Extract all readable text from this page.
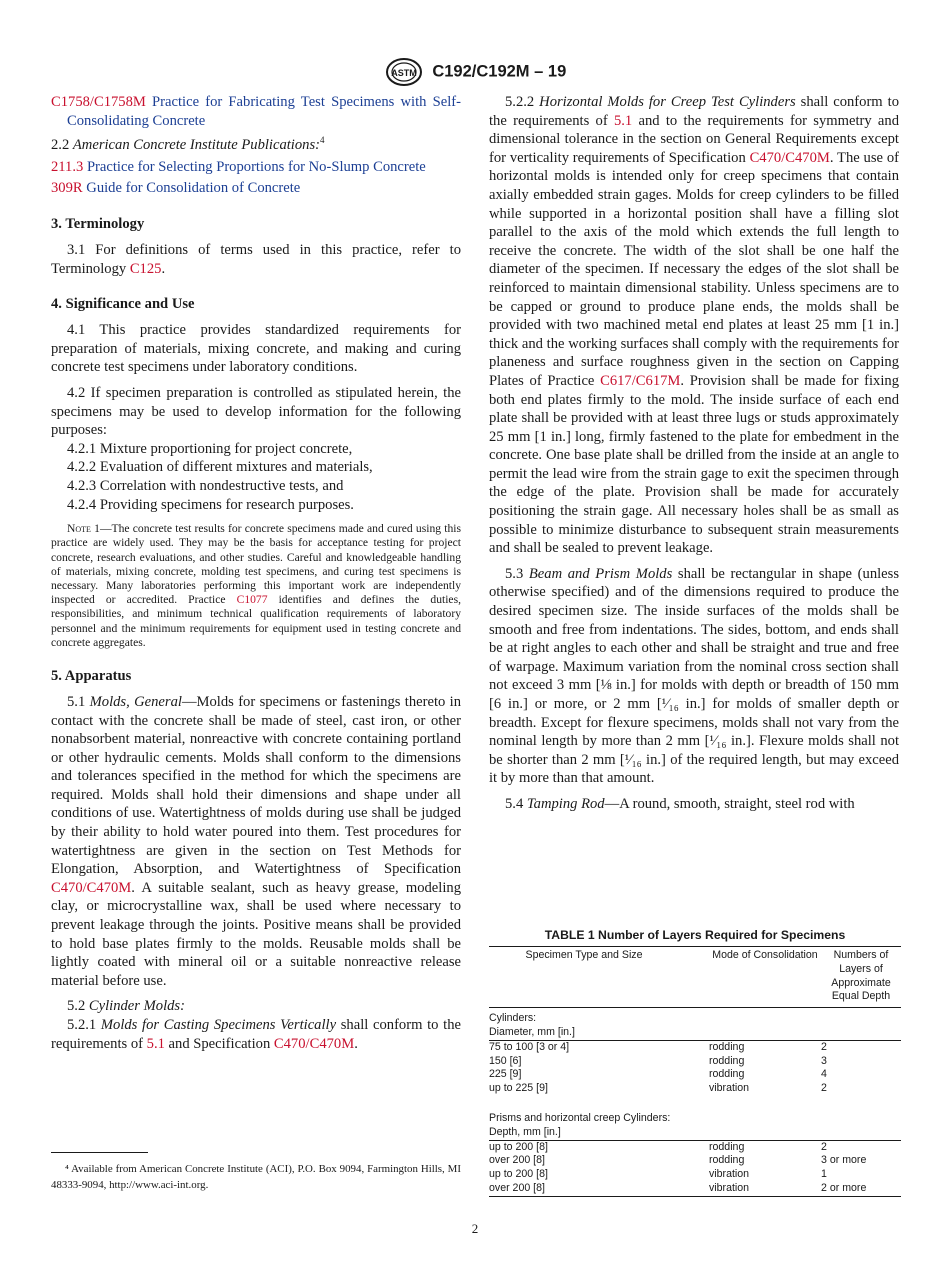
ASTM C192/C192M – 19
C1758/C1758M Practice for Fabricating Test Specimens with Self-Consolidating Concrete
2.2 American Concrete Institute Publications:$^4$
211.3 Practice for Selecting Proportions for No-Slump Concrete
309R Guide for Consolidation of Concrete
3. Terminology

3.1 For definitions of terms used in this practice, refer to Terminology C125.

4. Significance and Use

4.1 This practice provides standardized requirements for preparation of materials, mixing concrete, and making and curing concrete test specimens under laboratory conditions.

4.2 If specimen preparation is controlled as stipulated herein, the specimens may be used to develop information for the following purposes:

4.2.1 Mixture proportioning for project concrete,
4.2.2 Evaluation of different mixtures and materials,
4.2.3 Correlation with nondestructive tests, and
4.2.4 Providing specimens for research purposes.

Note 1—The concrete test results for concrete specimens made and cured using this practice are widely used. They may be the basis for acceptance testing for project concrete, research evaluations, and other studies. Careful and knowledgeable handling of materials, mixing concrete, molding test specimens, and curing test specimens is necessary. Many laboratories performing this important work are independently inspected or accredited. Practice C1077 identifies and defines the duties, responsibilities, and minimum technical qualification requirements of laboratory personnel and the minimum requirements for equipment used in testing concrete and concrete aggregates.

5. Apparatus

5.1 Molds, General—Molds for specimens or fastenings thereto in contact with the concrete shall be made of steel, cast iron, or other nonabsorbent material, nonreactive with concrete containing portland or other hydraulic cements. Molds shall conform to the dimensions and tolerances specified in the method for which the specimens are required. Molds shall hold their dimensions and shape under all conditions of use. Watertightness of molds during use shall be judged by their ability to hold water poured into them. Test procedures for watertightness are given in the section on Test Methods for Elongation, Absorption, and Watertightness of Specification C470/C470M. A suitable sealant, such as heavy grease, modeling clay, or microcrystalline wax, shall be used where necessary to prevent leakage through the joints. Positive means shall be provided to hold base plates firmly to the molds. Reusable molds shall be lightly coated with mineral oil or a suitable nonreactive release material before use.

5.2 Cylinder Molds:

5.2.1 Molds for Casting Specimens Vertically shall conform to the requirements of 5.1 and Specification C470/C470M.

5.2.2 Horizontal Molds for Creep Test Cylinders shall conform to the requirements of 5.1 and to the requirements for symmetry and dimensional tolerance in the section on General Requirements except for verticality requirements of Specification C470/C470M. The use of horizontal molds is intended only for creep specimens that contain axially embedded strain gages. Molds for creep cylinders to be filled while supported in a horizontal position shall have a filling slot parallel to the axis of the mold which extends the full length to receive the concrete. The width of the slot shall be one half the diameter of the specimen. If necessary the edges of the slot shall be reinforced to maintain dimensional stability. Unless specimens are to be capped or ground to produce plane ends, the molds shall be provided with two machined metal end plates at least 25 mm [1 in.] thick and the working surfaces shall comply with the requirements for planeness and surface roughness given in the section on Capping Plates of Practice C617/C617M. Provision shall be made for fixing both end plates firmly to the mold. The inside surface of each end plate shall be provided with at least three lugs or studs approximately 25 mm [1 in.] long, firmly fastened to the plate for embedment in the concrete. One base plate shall be drilled from the inside at an angle to permit the lead wire from the strain gage to exit the specimen through the edge of the plate. Provision shall be made for accurately positioning the strain gage. All necessary holes shall be as small as possible to minimize disturbance to subsequent strain measurements and shall be sealed to prevent leakage.

5.3 Beam and Prism Molds shall be rectangular in shape (unless otherwise specified) and of the dimensions required to produce the desired specimen size. The inside surfaces of the molds shall be smooth and free from indentations. The sides, bottom, and ends shall be at right angles to each other and shall be straight and true and free of warpage. Maximum variation from the nominal cross section shall not exceed 3 mm [⅛ in.] for molds with depth or breadth of 150 mm [6 in.] or more, or 2 mm [¹⁄₁₆ in.] for molds of smaller depth or breadth. Except for flexure specimens, molds shall not vary from the nominal length by more than 2 mm [¹⁄₁₆ in.]. Flexure molds shall not be shorter than 2 mm [¹⁄₁₆ in.] of the required length, but may exceed it by more than that amount.

5.4 Tamping Rod—A round, smooth, straight, steel rod with

TABLE 1 Number of Layers Required for Specimens
Specimen Type and Size	Mode of Consolidation	Numbers of Layers of Approximate Equal Depth
Cylinders:		
Diameter, mm [in.]		
75 to 100 [3 or 4]	rodding	2
150 [6]	rodding	3
225 [9]	rodding	4
up to 225 [9]	vibration	2
Prisms and horizontal creep Cylinders:		
Depth, mm [in.]		
up to 200 [8]	rodding	2
over 200 [8]	rodding	3 or more
up to 200 [8]	vibration	1
over 200 [8]	vibration	2 or more
⁴ Available from American Concrete Institute (ACI), P.O. Box 9094, Farmington Hills, MI 48333-9094, http://www.aci-int.org.
2
